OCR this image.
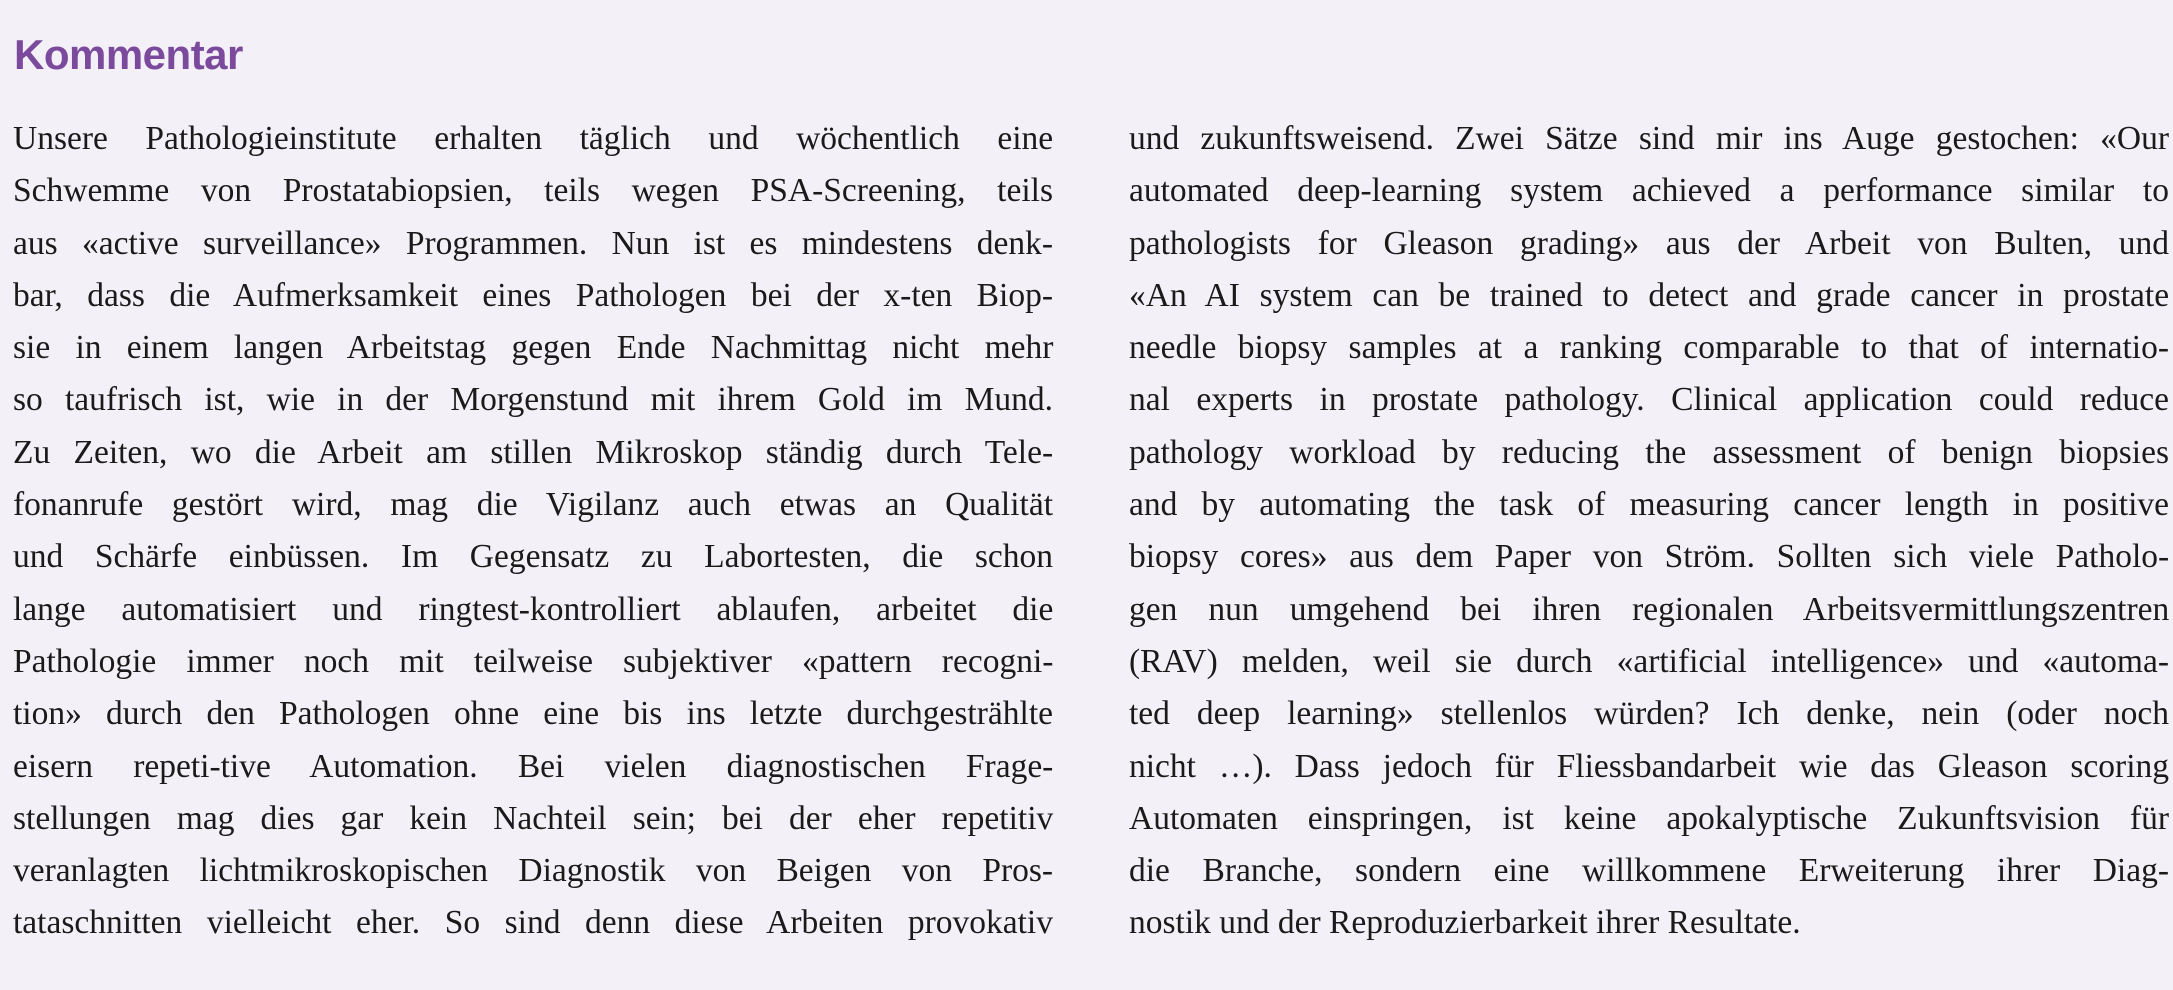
Kommentar
Unsere Pathologieinstitute erhalten täglich und wöchentlich eine
Schwemme von Prostatabiopsien, teils wegen PSA-Screening, teils
aus «active surveillance» Programmen. Nun ist es mindestens denk-
bar, dass die Aufmerksamkeit eines Pathologen bei der x-ten Biop-
sie in einem langen Arbeitstag gegen Ende Nachmittag nicht mehr
so taufrisch ist, wie in der Morgenstund mit ihrem Gold im Mund.
Zu Zeiten, wo die Arbeit am stillen Mikroskop ständig durch Tele-
fonanrufe gestört wird, mag die Vigilanz auch etwas an Qualität
und Schärfe einbüssen. Im Gegensatz zu Labortesten, die schon
lange automatisiert und ringtest-kontrolliert ablaufen, arbeitet die
Pathologie immer noch mit teilweise subjektiver «pattern recogni-
tion» durch den Pathologen ohne eine bis ins letzte durchgestrählte
eisern repeti-tive Automation. Bei vielen diagnostischen Frage-
stellungen mag dies gar kein Nachteil sein; bei der eher repetitiv
veranlagten lichtmikroskopischen Diagnostik von Beigen von Pros-
tataschnitten vielleicht eher. So sind denn diese Arbeiten provokativ
und zukunftsweisend. Zwei Sätze sind mir ins Auge gestochen: «Our
automated deep-learning system achieved a performance similar to
pathologists for Gleason grading» aus der Arbeit von Bulten, und
«An AI system can be trained to detect and grade cancer in prostate
needle biopsy samples at a ranking comparable to that of internatio-
nal experts in prostate pathology. Clinical application could reduce
pathology workload by reducing the assessment of benign biopsies
and by automating the task of measuring cancer length in positive
biopsy cores» aus dem Paper von Ström. Sollten sich viele Patholo-
gen nun umgehend bei ihren regionalen Arbeitsvermittlungszentren
(RAV) melden, weil sie durch «artificial intelligence» und «automa-
ted deep learning» stellenlos würden? Ich denke, nein (oder noch
nicht …). Dass jedoch für Fliessbandarbeit wie das Gleason scoring
Automaten einspringen, ist keine apokalyptische Zukunftsvision für
die Branche, sondern eine willkommene Erweiterung ihrer Diag-
nostik und der Reproduzierbarkeit ihrer Resultate.
